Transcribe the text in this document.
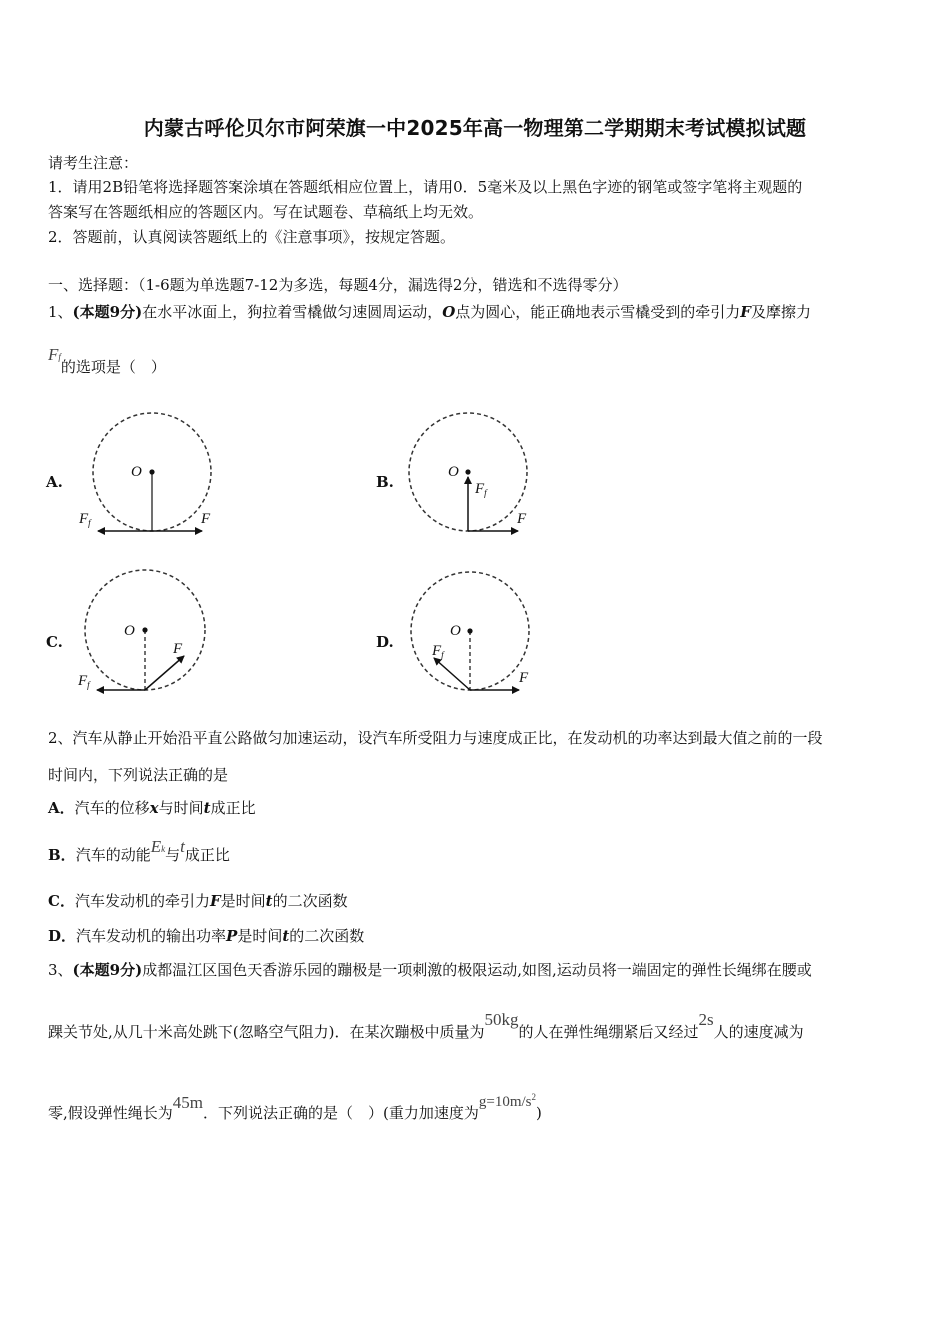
内蒙古呼伦贝尔市阿荣旗一中2025年高一物理第二学期期末考试模拟试题
请考生注意：
1．请用2B铅笔将选择题答案涂填在答题纸相应位置上，请用0．5毫米及以上黑色字迹的钢笔或签字笔将主观题的
答案写在答题纸相应的答题区内。写在试题卷、草稿纸上均无效。
2．答题前，认真阅读答题纸上的《注意事项》，按规定答题。
一、选择题：（1-6题为单选题7-12为多选，每题4分，漏选得2分，错选和不选得零分）
1、(本题9分)在水平冰面上，狗拉着雪橇做匀速圆周运动，O点为圆心，能正确地表示雪橇受到的牵引力F及摩擦力
Ff的选项是（　）
A.	B.
C.	D.
O
F
$F_f$
O
$F_f$
F
O
F
$F_f$
O
$F_f$
F
2、汽车从静止开始沿平直公路做匀加速运动，设汽车所受阻力与速度成正比，在发动机的功率达到最大值之前的一段
时间内，下列说法正确的是
A．汽车的位移x与时间t成正比
B．汽车的动能Ek与t成正比
C．汽车发动机的牵引力F是时间t的二次函数
D．汽车发动机的输出功率P是时间t的二次函数
3、(本题9分)成都温江区国色天香游乐园的蹦极是一项刺激的极限运动,如图,运动员将一端固定的弹性长绳绑在腰或
踝关节处,从几十米高处跳下(忽略空气阻力)．在某次蹦极中质量为50kg的人在弹性绳绷紧后又经过2s人的速度减为
零,假设弹性绳长为45m．下列说法正确的是（　）(重力加速度为$g=10m/s^2$)
